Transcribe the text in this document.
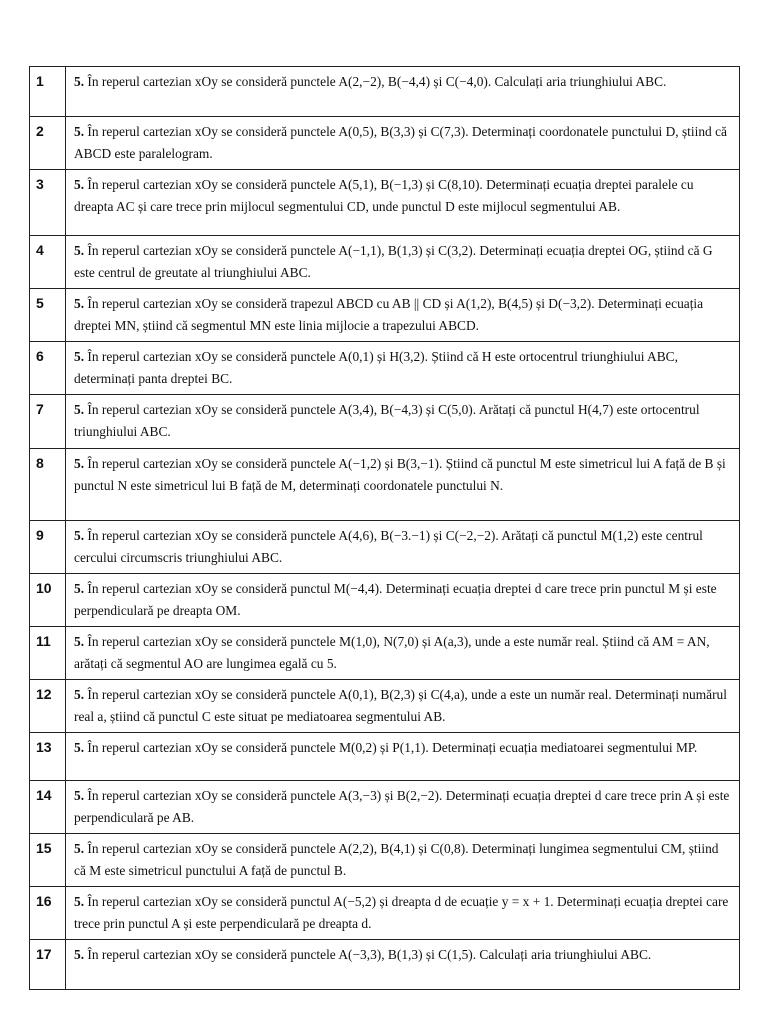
1	5. În reperul cartezian xOy se consideră punctele A(2,−2), B(−4,4) și C(−4,0). Calculați aria triunghiului ABC.
2	5. În reperul cartezian xOy se consideră punctele A(0,5), B(3,3) și C(7,3). Determinați coordonatele punctului D, știind că ABCD este paralelogram.
3	5. În reperul cartezian xOy se consideră punctele A(5,1), B(−1,3) și C(8,10). Determinați ecuația dreptei paralele cu dreapta AC și care trece prin mijlocul segmentului CD, unde punctul D este mijlocul segmentului AB.
4	5. În reperul cartezian xOy se consideră punctele A(−1,1), B(1,3) și C(3,2). Determinați ecuația dreptei OG, știind că G este centrul de greutate al triunghiului ABC.
5	5. În reperul cartezian xOy se consideră trapezul ABCD cu AB || CD și A(1,2), B(4,5) și D(−3,2). Determinați ecuația dreptei MN, știind că segmentul MN este linia mijlocie a trapezului ABCD.
6	5. În reperul cartezian xOy se consideră punctele A(0,1) și H(3,2). Știind că H este ortocentrul triunghiului ABC, determinați panta dreptei BC.
7	5. În reperul cartezian xOy se consideră punctele A(3,4), B(−4,3) și C(5,0). Arătați că punctul H(4,7) este ortocentrul triunghiului ABC.
8	5. În reperul cartezian xOy se consideră punctele A(−1,2) și B(3,−1). Știind că punctul M este simetricul lui A față de B și punctul N este simetricul lui B față de M, determinați coordonatele punctului N.
9	5. În reperul cartezian xOy se consideră punctele A(4,6), B(−3.−1) și C(−2,−2). Arătați că punctul M(1,2) este centrul cercului circumscris triunghiului ABC.
10	5. În reperul cartezian xOy se consideră punctul M(−4,4). Determinați ecuația dreptei d care trece prin punctul M și este perpendiculară pe dreapta OM.
11	5. În reperul cartezian xOy se consideră punctele M(1,0), N(7,0) și A(a,3), unde a este număr real. Știind că AM = AN, arătați că segmentul AO are lungimea egală cu 5.
12	5. În reperul cartezian xOy se consideră punctele A(0,1), B(2,3) și C(4,a), unde a este un număr real. Determinați numărul real a, știind că punctul C este situat pe mediatoarea segmentului AB.
13	5. În reperul cartezian xOy se consideră punctele M(0,2) și P(1,1). Determinați ecuația mediatoarei segmentului MP.
14	5. În reperul cartezian xOy se consideră punctele A(3,−3) și B(2,−2). Determinați ecuația dreptei d care trece prin A și este perpendiculară pe AB.
15	5. În reperul cartezian xOy se consideră punctele A(2,2), B(4,1) și C(0,8). Determinați lungimea segmentului CM, știind că M este simetricul punctului A față de punctul B.
16	5. În reperul cartezian xOy se consideră punctul A(−5,2) și dreapta d de ecuație y = x + 1. Determinați ecuația dreptei care trece prin punctul A și este perpendiculară pe dreapta d.
17	5. În reperul cartezian xOy se consideră punctele A(−3,3), B(1,3) și C(1,5). Calculați aria triunghiului ABC.
